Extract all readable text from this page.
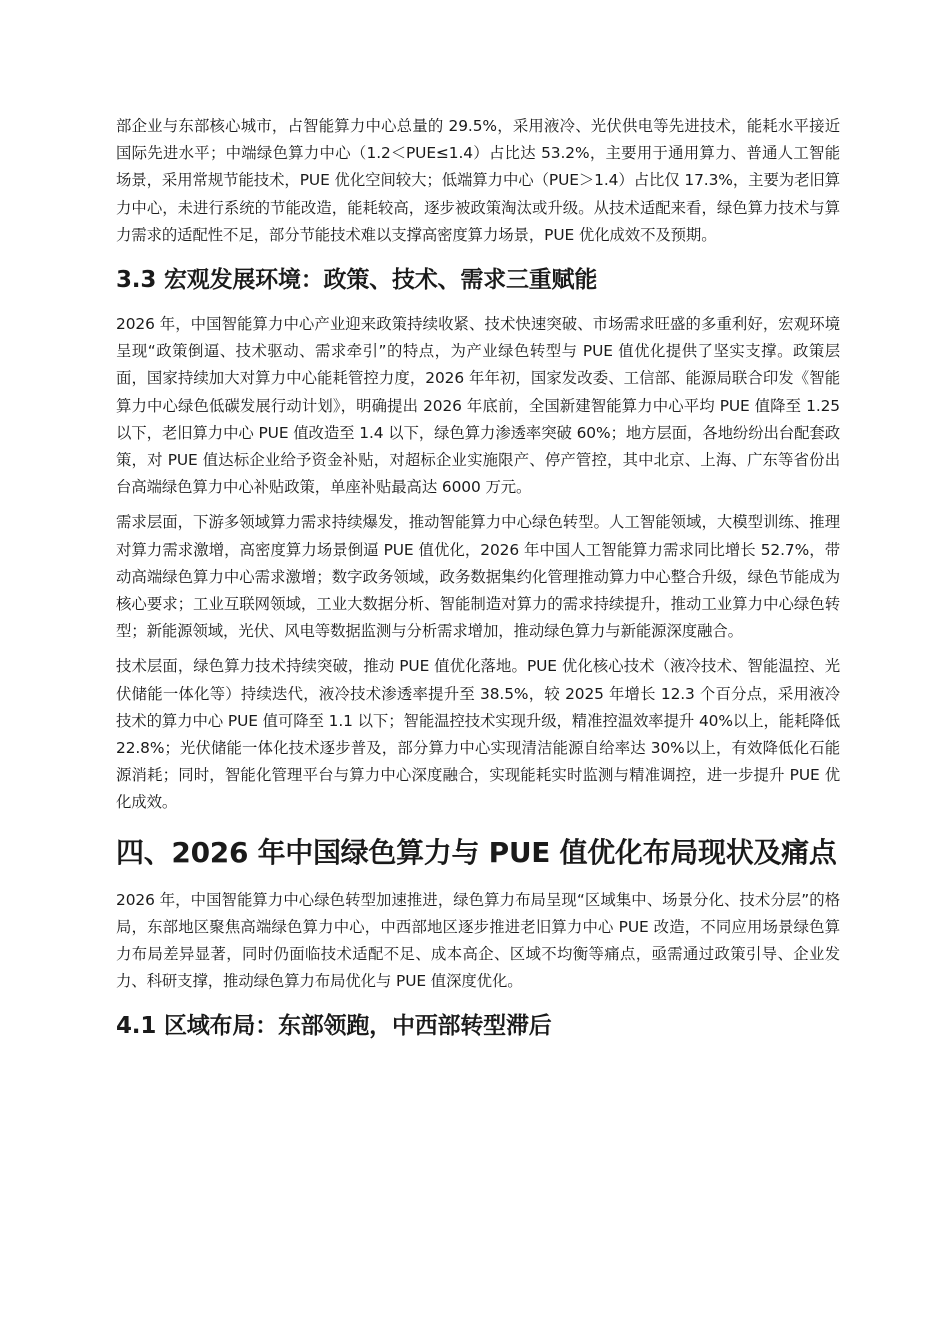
部企业与东部核心城市，占智能算力中心总量的 29.5%，采用液冷、光伏供电等先进技术，能耗水平接近国际先进水平；中端绿色算力中心（1.2＜PUE≤1.4）占比达 53.2%，主要用于通用算力、普通人工智能场景，采用常规节能技术，PUE 优化空间较大；低端算力中心（PUE＞1.4）占比仅 17.3%，主要为老旧算力中心，未进行系统的节能改造，能耗较高，逐步被政策淘汰或升级。从技术适配来看，绿色算力技术与算力需求的适配性不足，部分节能技术难以支撑高密度算力场景，PUE 优化成效不及预期。

3.3 宏观发展环境：政策、技术、需求三重赋能

2026 年，中国智能算力中心产业迎来政策持续收紧、技术快速突破、市场需求旺盛的多重利好，宏观环境呈现“政策倒逼、技术驱动、需求牵引”的特点，为产业绿色转型与 PUE 值优化提供了坚实支撑。政策层面，国家持续加大对算力中心能耗管控力度，2026 年年初，国家发改委、工信部、能源局联合印发《智能算力中心绿色低碳发展行动计划》，明确提出 2026 年底前，全国新建智能算力中心平均 PUE 值降至 1.25 以下，老旧算力中心 PUE 值改造至 1.4 以下，绿色算力渗透率突破 60%；地方层面，各地纷纷出台配套政策，对 PUE 值达标企业给予资金补贴，对超标企业实施限产、停产管控，其中北京、上海、广东等省份出台高端绿色算力中心补贴政策，单座补贴最高达 6000 万元。

需求层面，下游多领域算力需求持续爆发，推动智能算力中心绿色转型。人工智能领域，大模型训练、推理对算力需求激增，高密度算力场景倒逼 PUE 值优化，2026 年中国人工智能算力需求同比增长 52.7%，带动高端绿色算力中心需求激增；数字政务领域，政务数据集约化管理推动算力中心整合升级，绿色节能成为核心要求；工业互联网领域，工业大数据分析、智能制造对算力的需求持续提升，推动工业算力中心绿色转型；新能源领域，光伏、风电等数据监测与分析需求增加，推动绿色算力与新能源深度融合。

技术层面，绿色算力技术持续突破，推动 PUE 值优化落地。PUE 优化核心技术（液冷技术、智能温控、光伏储能一体化等）持续迭代，液冷技术渗透率提升至 38.5%，较 2025 年增长 12.3 个百分点，采用液冷技术的算力中心 PUE 值可降至 1.1 以下；智能温控技术实现升级，精准控温效率提升 40%以上，能耗降低 22.8%；光伏储能一体化技术逐步普及，部分算力中心实现清洁能源自给率达 30%以上，有效降低化石能源消耗；同时，智能化管理平台与算力中心深度融合，实现能耗实时监测与精准调控，进一步提升 PUE 优化成效。

四、2026 年中国绿色算力与 PUE 值优化布局现状及痛点

2026 年，中国智能算力中心绿色转型加速推进，绿色算力布局呈现“区域集中、场景分化、技术分层”的格局，东部地区聚焦高端绿色算力中心，中西部地区逐步推进老旧算力中心 PUE 改造，不同应用场景绿色算力布局差异显著，同时仍面临技术适配不足、成本高企、区域不均衡等痛点，亟需通过政策引导、企业发力、科研支撑，推动绿色算力布局优化与 PUE 值深度优化。

4.1 区域布局：东部领跑，中西部转型滞后
